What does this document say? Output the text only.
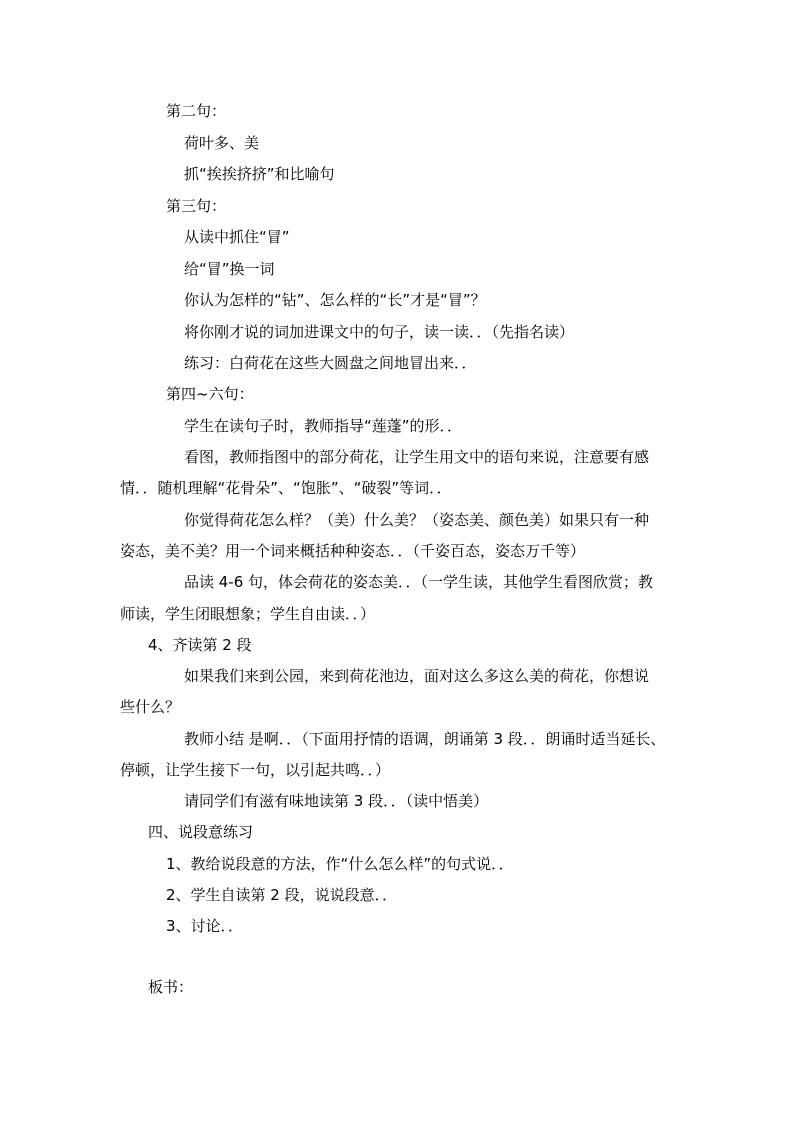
第二句：

荷叶多、美

抓“挨挨挤挤”和比喻句

第三句：

从读中抓住“冒”

给“冒”换一词

你认为怎样的“钻”、怎么样的“长”才是“冒”？

将你刚才说的词加进课文中的句子，读一读．．（先指名读）

练习：白荷花在这些大圆盘之间地冒出来．．

第四~六句：

学生在读句子时，教师指导“莲蓬”的形．．

看图，教师指图中的部分荷花，让学生用文中的语句来说，注意要有感

情．．随机理解“花骨朵”、“饱胀”、“破裂”等词．．

你觉得荷花怎么样？（美）什么美？（姿态美、颜色美）如果只有一种

姿态，美不美？用一个词来概括种种姿态．．（千姿百态，姿态万千等）

品读 4-6 句，体会荷花的姿态美．．（一学生读，其他学生看图欣赏；教

师读，学生闭眼想象；学生自由读．．）

4、齐读第 2 段

如果我们来到公园，来到荷花池边，面对这么多这么美的荷花，你想说

些什么？

教师小结 是啊．．（下面用抒情的语调，朗诵第 3 段．．朗诵时适当延长、

停顿，让学生接下一句，以引起共鸣．．）

请同学们有滋有味地读第 3 段．．（读中悟美）

四、说段意练习

1、教给说段意的方法，作“什么怎么样”的句式说．．

2、学生自读第 2 段，说说段意．．

3、讨论．．

板书：
